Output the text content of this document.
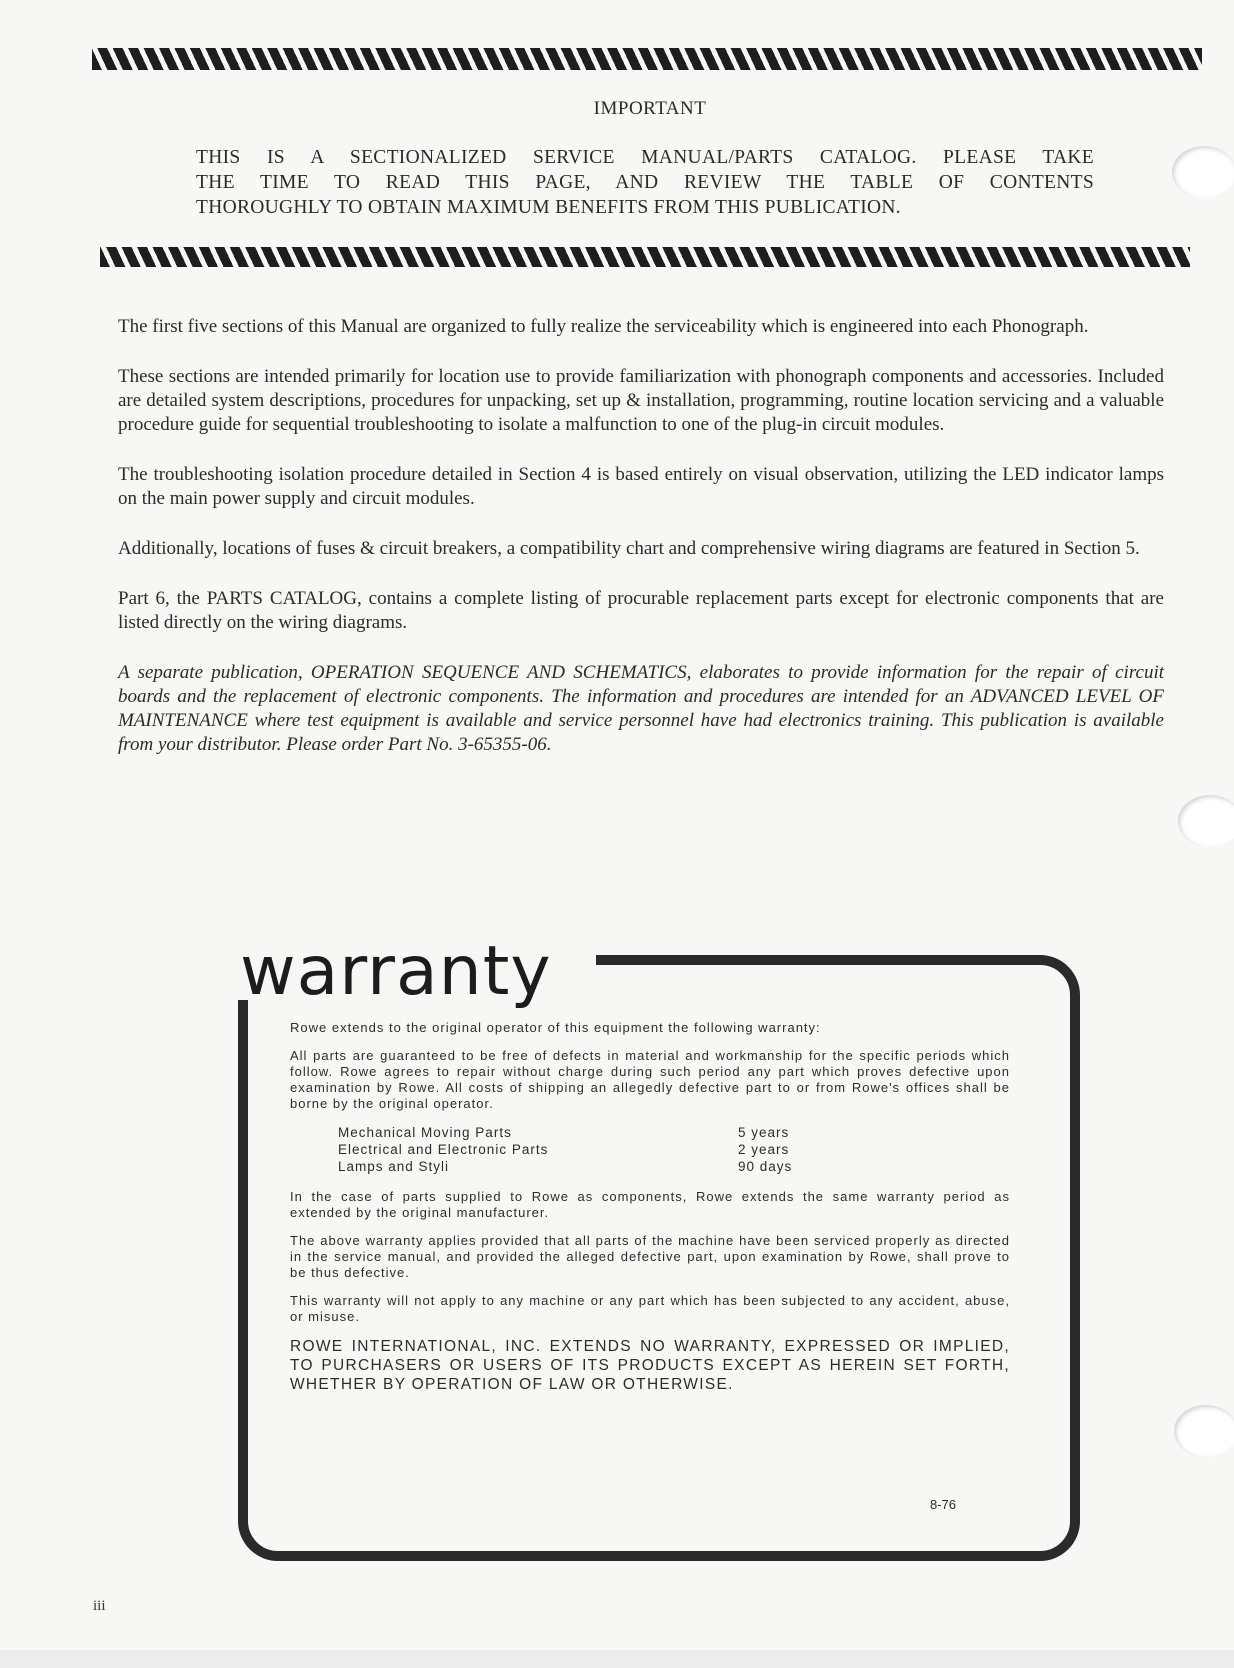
IMPORTANT
THIS IS A SECTIONALIZED SERVICE MANUAL/PARTS CATALOG. PLEASE TAKE
THE TIME TO READ THIS PAGE, AND REVIEW THE TABLE OF CONTENTS
THOROUGHLY TO OBTAIN MAXIMUM BENEFITS FROM THIS PUBLICATION.

The first five sections of this Manual are organized to fully realize the serviceability which is engineered into each Phonograph.

These sections are intended primarily for location use to provide familiarization with phonograph components and accessories. Included are detailed system descriptions, procedures for unpacking, set up & installation, programming, routine location servicing and a valuable procedure guide for sequential troubleshooting to isolate a malfunction to one of the plug-in circuit modules.

The troubleshooting isolation procedure detailed in Section 4 is based entirely on visual observation, utilizing the LED indicator lamps on the main power supply and circuit modules.

Additionally, locations of fuses & circuit breakers, a compatibility chart and comprehensive wiring diagrams are featured in Section 5.

Part 6, the PARTS CATALOG, contains a complete listing of procurable replacement parts except for electronic components that are listed directly on the wiring diagrams.

A separate publication, OPERATION SEQUENCE AND SCHEMATICS, elaborates to provide information for the repair of circuit boards and the replacement of electronic components. The information and procedures are intended for an ADVANCED LEVEL OF MAINTENANCE where test equipment is available and service personnel have had electronics training. This publication is available from your distributor. Please order Part No. 3-65355-06.

warranty

Rowe extends to the original operator of this equipment the following warranty:

All parts are guaranteed to be free of defects in material and workmanship for the specific periods which follow. Rowe agrees to repair without charge during such period any part which proves defective upon examination by Rowe. All costs of shipping an allegedly defective part to or from Rowe's offices shall be borne by the original operator.

Mechanical Moving Parts	5 years
Electrical and Electronic Parts	2 years
Lamps and Styli	90 days

In the case of parts supplied to Rowe as components, Rowe extends the same warranty period as extended by the original manufacturer.

The above warranty applies provided that all parts of the machine have been serviced properly as directed in the service manual, and provided the alleged defective part, upon examination by Rowe, shall prove to be thus defective.

This warranty will not apply to any machine or any part which has been subjected to any accident, abuse, or misuse.

ROWE INTERNATIONAL, INC. EXTENDS NO WARRANTY, EXPRESSED OR IMPLIED, TO PURCHASERS OR USERS OF ITS PRODUCTS EXCEPT AS HEREIN SET FORTH, WHETHER BY OPERATION OF LAW OR OTHERWISE.

8-76
iii
